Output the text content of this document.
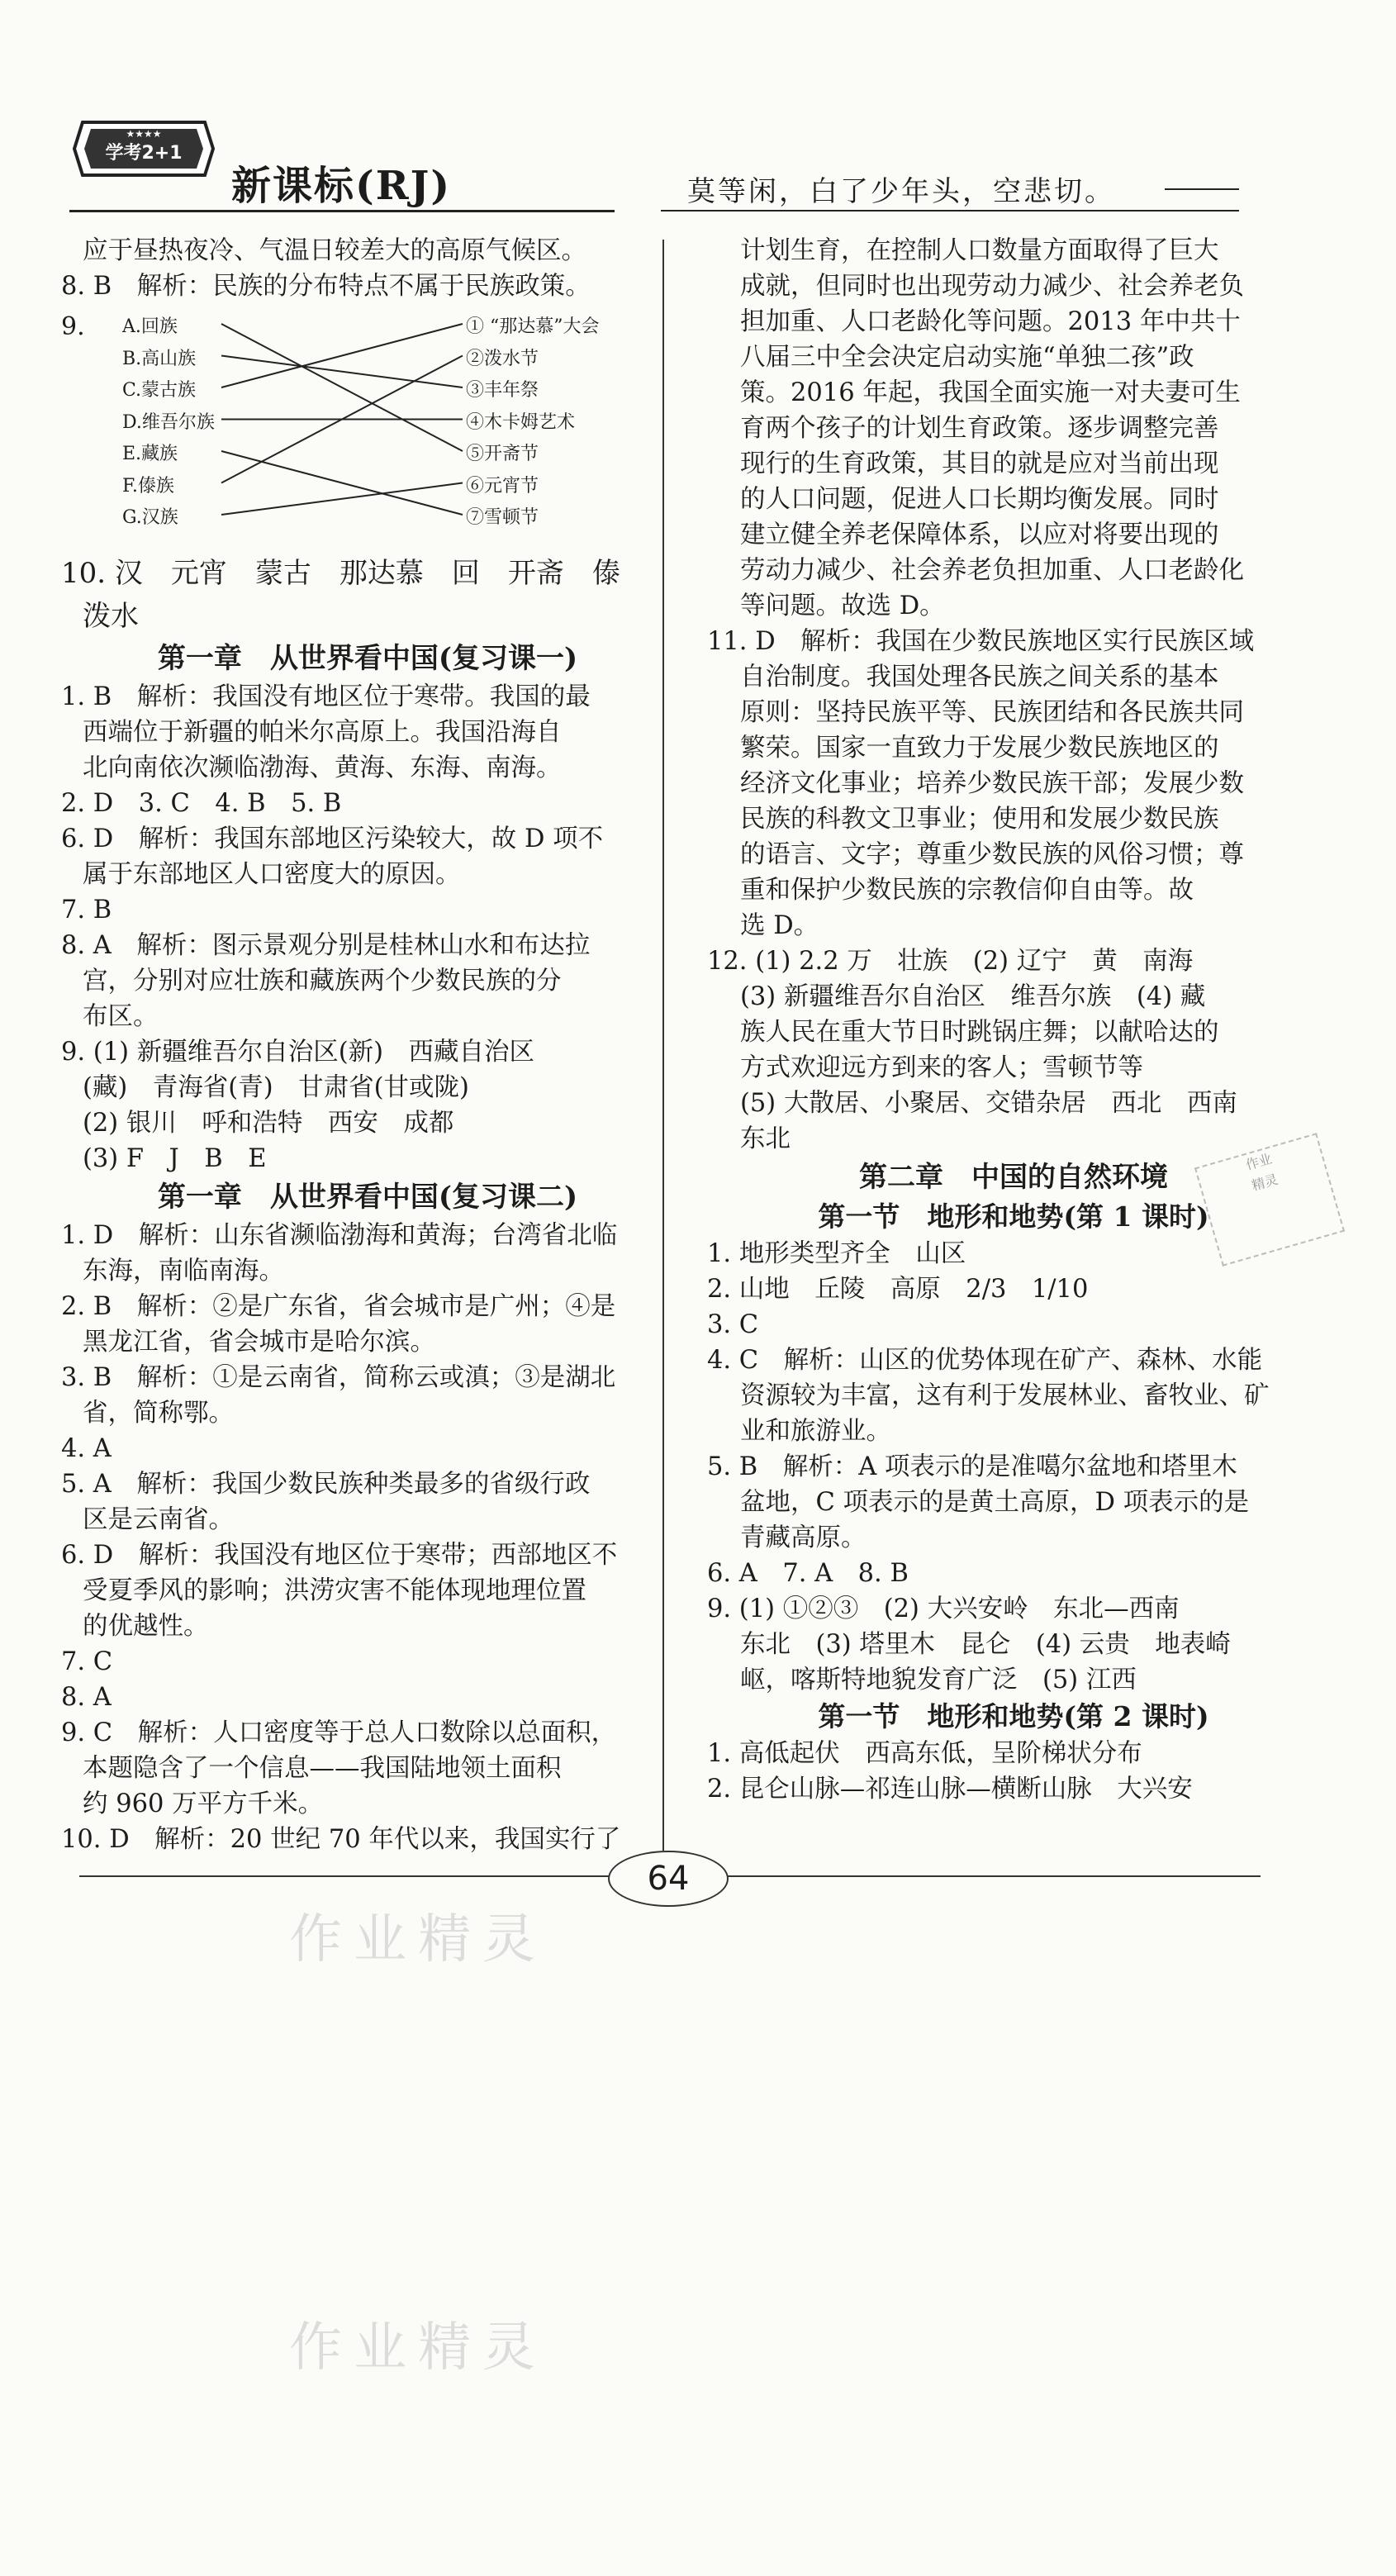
★★★★
学考2+1
新课标(RJ)	莫等闲，白了少年头，空悲切。
应于昼热夜冷、气温日较差大的高原气候区。
8. B　解析：民族的分布特点不属于民族政策。
9. A.回族
B.高山族
C.蒙古族
D.维吾尔族
E.藏族
F.傣族
G.汉族
① “那达慕”大会
②泼水节
③丰年祭
④木卡姆艺术
⑤开斋节
⑥元宵节
⑦雪顿节
10. 汉　元宵　蒙古　那达慕　回　开斋　傣
泼水
第一章　从世界看中国(复习课一)
1. B　解析：我国没有地区位于寒带。我国的最
西端位于新疆的帕米尔高原上。我国沿海自
北向南依次濒临渤海、黄海、东海、南海。
2. D　3. C　4. B　5. B
6. D　解析：我国东部地区污染较大，故 D 项不
属于东部地区人口密度大的原因。
7. B
8. A　解析：图示景观分别是桂林山水和布达拉
宫，分别对应壮族和藏族两个少数民族的分
布区。
9. (1) 新疆维吾尔自治区(新)　西藏自治区
(藏)　青海省(青)　甘肃省(甘或陇)
(2) 银川　呼和浩特　西安　成都
(3) F　J　B　E
第一章　从世界看中国(复习课二)
1. D　解析：山东省濒临渤海和黄海；台湾省北临
东海，南临南海。
2. B　解析：②是广东省，省会城市是广州；④是
黑龙江省，省会城市是哈尔滨。
3. B　解析：①是云南省，简称云或滇；③是湖北
省，简称鄂。
4. A
5. A　解析：我国少数民族种类最多的省级行政
区是云南省。
6. D　解析：我国没有地区位于寒带；西部地区不
受夏季风的影响；洪涝灾害不能体现地理位置
的优越性。
7. C
8. A
9. C　解析：人口密度等于总人口数除以总面积，
本题隐含了一个信息——我国陆地领土面积
约 960 万平方千米。
10. D　解析：20 世纪 70 年代以来，我国实行了
计划生育，在控制人口数量方面取得了巨大
成就，但同时也出现劳动力减少、社会养老负
担加重、人口老龄化等问题。2013 年中共十
八届三中全会决定启动实施“单独二孩”政
策。2016 年起，我国全面实施一对夫妻可生
育两个孩子的计划生育政策。逐步调整完善
现行的生育政策，其目的就是应对当前出现
的人口问题，促进人口长期均衡发展。同时
建立健全养老保障体系，以应对将要出现的
劳动力减少、社会养老负担加重、人口老龄化
等问题。故选 D。
11. D　解析：我国在少数民族地区实行民族区域
自治制度。我国处理各民族之间关系的基本
原则：坚持民族平等、民族团结和各民族共同
繁荣。国家一直致力于发展少数民族地区的
经济文化事业；培养少数民族干部；发展少数
民族的科教文卫事业；使用和发展少数民族
的语言、文字；尊重少数民族的风俗习惯；尊
重和保护少数民族的宗教信仰自由等。故
选 D。
12. (1) 2.2 万　壮族　(2) 辽宁　黄　南海
(3) 新疆维吾尔自治区　维吾尔族　(4) 藏
族人民在重大节日时跳锅庄舞；以献哈达的
方式欢迎远方到来的客人；雪顿节等
(5) 大散居、小聚居、交错杂居　西北　西南
东北
第二章　中国的自然环境
第一节　地形和地势(第 1 课时)
1. 地形类型齐全　山区
2. 山地　丘陵　高原　2/3　1/10
3. C
4. C　解析：山区的优势体现在矿产、森林、水能
资源较为丰富，这有利于发展林业、畜牧业、矿
业和旅游业。
5. B　解析：A 项表示的是准噶尔盆地和塔里木
盆地，C 项表示的是黄土高原，D 项表示的是
青藏高原。
6. A　7. A　8. B
9. (1) ①②③　(2) 大兴安岭　东北—西南
东北　(3) 塔里木　昆仑　(4) 云贵　地表崎
岖，喀斯特地貌发育广泛　(5) 江西
第一节　地形和地势(第 2 课时)
1. 高低起伏　西高东低，呈阶梯状分布
2. 昆仑山脉—祁连山脉—横断山脉　大兴安
作业
精灵
64
作业精灵
作业精灵
